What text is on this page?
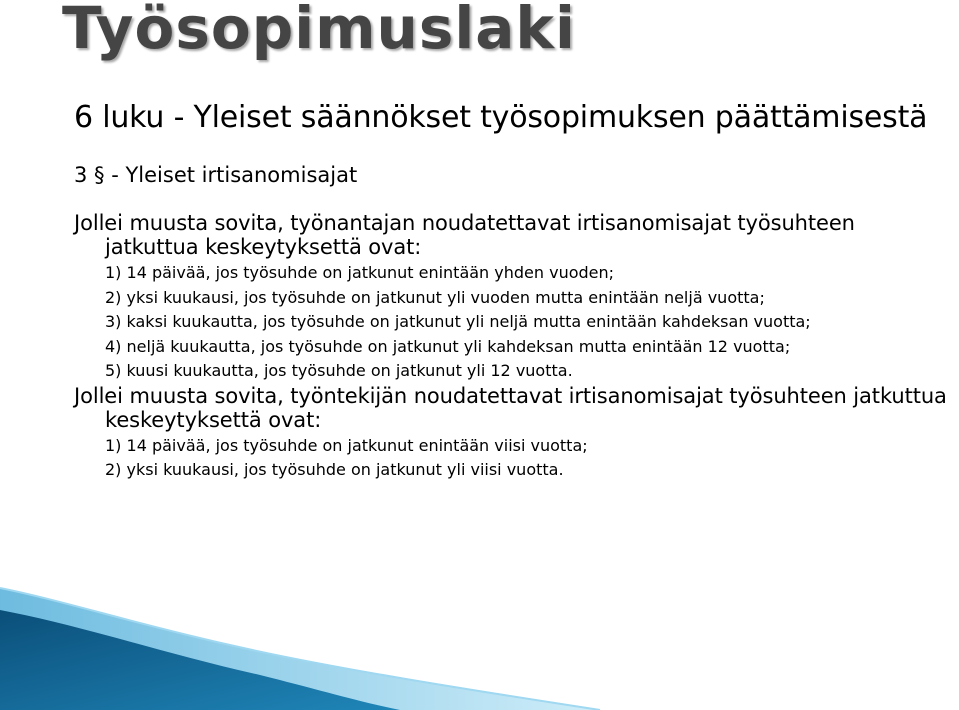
Työsopimuslaki
6 luku - Yleiset säännökset työsopimuksen päättämisestä
3 § - Yleiset irtisanomisajat

Jollei muusta sovita, työnantajan noudatettavat irtisanomisajat työsuhteen jatkuttua keskeytyksettä ovat:

1) 14 päivää, jos työsuhde on jatkunut enintään yhden vuoden;
2) yksi kuukausi, jos työsuhde on jatkunut yli vuoden mutta enintään neljä vuotta;
3) kaksi kuukautta, jos työsuhde on jatkunut yli neljä mutta enintään kahdeksan vuotta;
4) neljä kuukautta, jos työsuhde on jatkunut yli kahdeksan mutta enintään 12 vuotta;
5) kuusi kuukautta, jos työsuhde on jatkunut yli 12 vuotta.

Jollei muusta sovita, työntekijän noudatettavat irtisanomisajat työsuhteen jatkuttua keskeytyksettä ovat:

1) 14 päivää, jos työsuhde on jatkunut enintään viisi vuotta;
2) yksi kuukausi, jos työsuhde on jatkunut yli viisi vuotta.
